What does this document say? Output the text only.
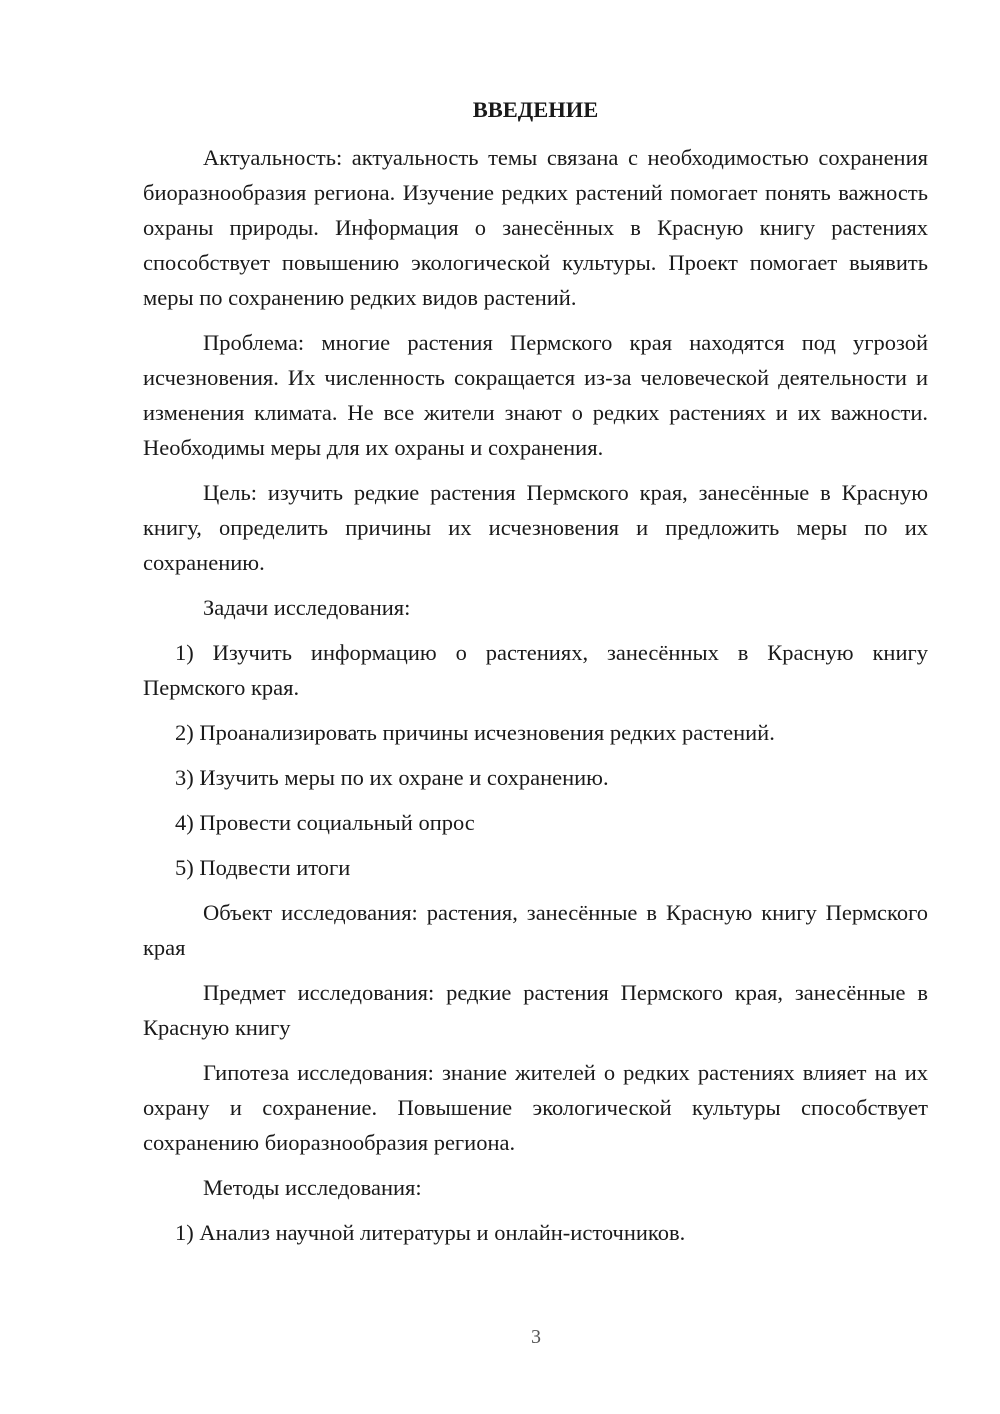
ВВЕДЕНИЕ

Актуальность: актуальность темы связана с необходимостью сохранения биоразнообразия региона. Изучение редких растений помогает понять важность охраны природы. Информация о занесённых в Красную книгу растениях способствует повышению экологической культуры. Проект помогает выявить меры по сохранению редких видов растений.

Проблема: многие растения Пермского края находятся под угрозой исчезновения. Их численность сокращается из-за человеческой деятельности и изменения климата. Не все жители знают о редких растениях и их важности. Необходимы меры для их охраны и сохранения.

Цель: изучить редкие растения Пермского края, занесённые в Красную книгу, определить причины их исчезновения и предложить меры по их сохранению.

Задачи исследования:

1) Изучить информацию о растениях, занесённых в Красную книгу Пермского края.

2) Проанализировать причины исчезновения редких растений.

3) Изучить меры по их охране и сохранению.

4) Провести социальный опрос

5) Подвести итоги

Объект исследования: растения, занесённые в Красную книгу Пермского края

Предмет исследования: редкие растения Пермского края, занесённые в Красную книгу

Гипотеза исследования: знание жителей о редких растениях влияет на их охрану и сохранение. Повышение экологической культуры способствует сохранению биоразнообразия региона.

Методы исследования:

1) Анализ научной литературы и онлайн-источников.

3
